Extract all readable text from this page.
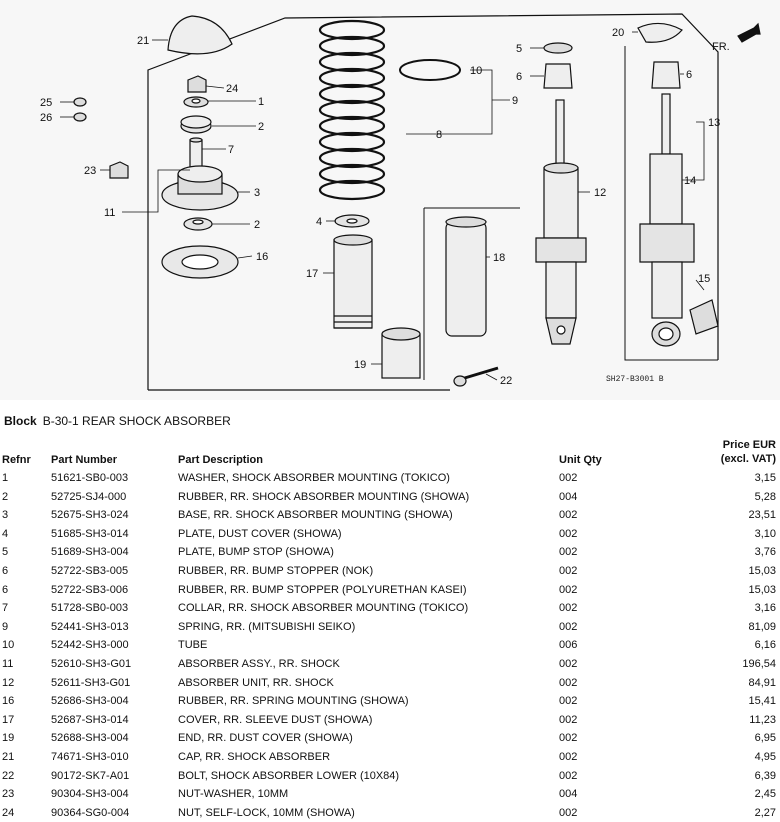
21
24
1
2
7
3
2
16
23
11
25
26
8
4
17
19
18
22
10
9
5
6
12
20
6
13
14
15
FR.
SH27-B3001 B
Block B-30-1 REAR SHOCK ABSORBER
Refnr Part Number	Part Description	Unit Qty
Price EUR
(excl. VAT)
1	51621-SB0-003	WASHER, SHOCK ABSORBER MOUNTING (TOKICO)	002	3,15
2	52725-SJ4-000	RUBBER, RR. SHOCK ABSORBER MOUNTING (SHOWA)	004	5,28
3	52675-SH3-024	BASE, RR. SHOCK ABSORBER MOUNTING (SHOWA)	002	23,51
4	51685-SH3-014	PLATE, DUST COVER (SHOWA)	002	3,10
5	51689-SH3-004	PLATE, BUMP STOP (SHOWA)	002	3,76
6	52722-SB3-005	RUBBER, RR. BUMP STOPPER (NOK)	002	15,03
6	52722-SB3-006	RUBBER, RR. BUMP STOPPER (POLYURETHAN KASEI)	002	15,03
7	51728-SB0-003	COLLAR, RR. SHOCK ABSORBER MOUNTING (TOKICO)	002	3,16
9	52441-SH3-013	SPRING, RR. (MITSUBISHI SEIKO)	002	81,09
10	52442-SH3-000	TUBE	006	6,16
11	52610-SH3-G01	ABSORBER ASSY., RR. SHOCK	002	196,54
12	52611-SH3-G01	ABSORBER UNIT, RR. SHOCK	002	84,91
16	52686-SH3-004	RUBBER, RR. SPRING MOUNTING (SHOWA)	002	15,41
17	52687-SH3-014	COVER, RR. SLEEVE DUST (SHOWA)	002	11,23
19	52688-SH3-004	END, RR. DUST COVER (SHOWA)	002	6,95
21	74671-SH3-010	CAP, RR. SHOCK ABSORBER	002	4,95
22	90172-SK7-A01	BOLT, SHOCK ABSORBER LOWER (10X84)	002	6,39
23	90304-SH3-004	NUT-WASHER, 10MM	004	2,45
24	90364-SG0-004	NUT, SELF-LOCK, 10MM (SHOWA)	002	2,27
